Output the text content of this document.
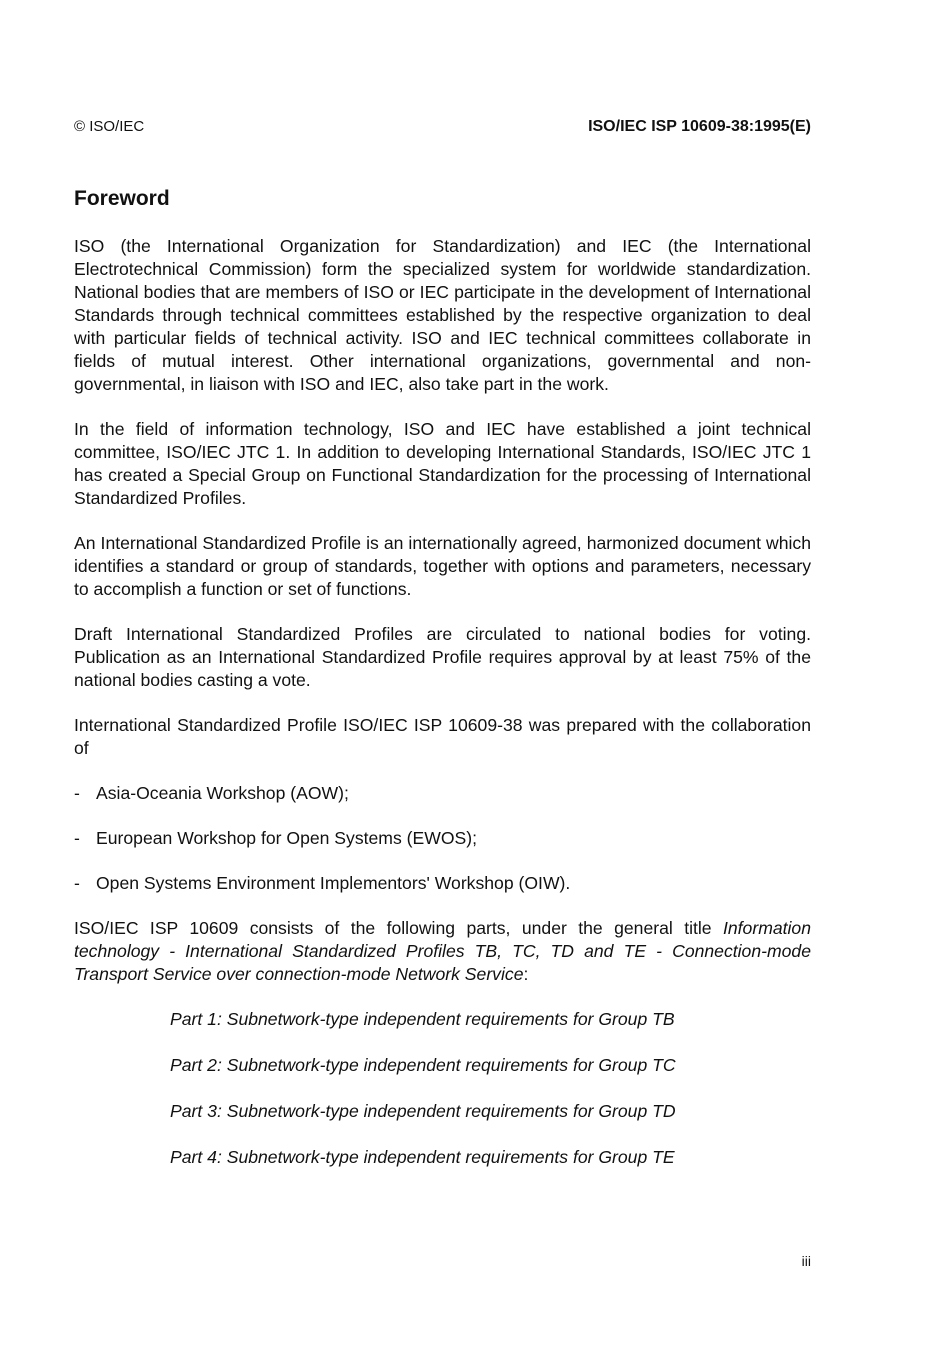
© ISO/IEC	ISO/IEC ISP 10609-38:1995(E)
Foreword

ISO (the International Organization for Standardization) and IEC (the International Electrotechnical Commission) form the specialized system for worldwide standardization. National bodies that are members of ISO or IEC participate in the development of International Standards through technical committees established by the respective organization to deal with particular fields of technical activity. ISO and IEC technical committees collaborate in fields of mutual interest. Other international organizations, governmental and non-governmental, in liaison with ISO and IEC, also take part in the work.

In the field of information technology, ISO and IEC have established a joint technical committee, ISO/IEC JTC 1. In addition to developing International Standards, ISO/IEC JTC 1 has created a Special Group on Functional Standardization for the processing of International Standardized Profiles.

An International Standardized Profile is an internationally agreed, harmonized document which identifies a standard or group of standards, together with options and parameters, necessary to accomplish a function or set of functions.

Draft International Standardized Profiles are circulated to national bodies for voting. Publication as an International Standardized Profile requires approval by at least 75% of the national bodies casting a vote.

International Standardized Profile ISO/IEC ISP 10609-38 was prepared with the collaboration of

- Asia-Oceania Workshop (AOW);
- European Workshop for Open Systems (EWOS);
- Open Systems Environment Implementors' Workshop (OIW).

ISO/IEC ISP 10609 consists of the following parts, under the general title Information technology - International Standardized Profiles TB, TC, TD and TE - Connection-mode Transport Service over connection-mode Network Service:

Part 1: Subnetwork-type independent requirements for Group TB
Part 2: Subnetwork-type independent requirements for Group TC
Part 3: Subnetwork-type independent requirements for Group TD
Part 4: Subnetwork-type independent requirements for Group TE
iii
